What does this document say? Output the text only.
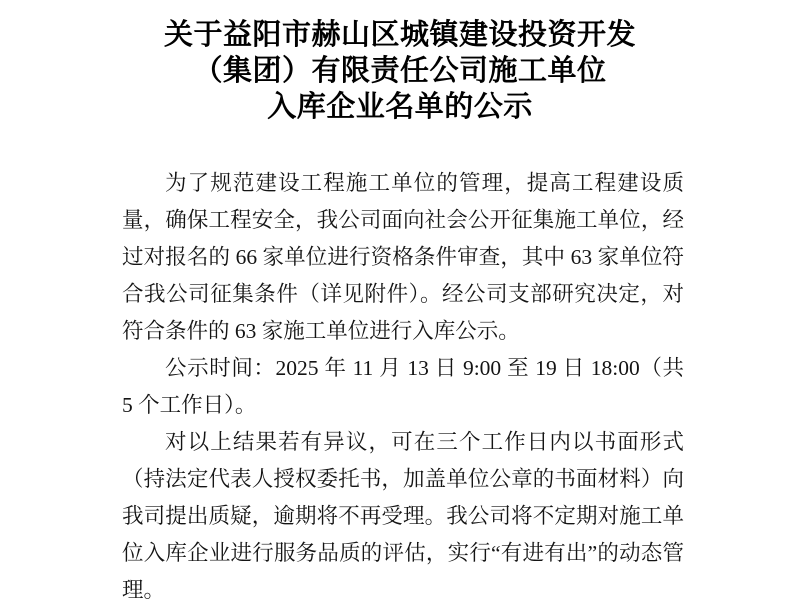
关于益阳市赫山区城镇建设投资开发
（集团）有限责任公司施工单位
入库企业名单的公示

为了规范建设工程施工单位的管理，提高工程建设质量，确保工程安全，我公司面向社会公开征集施工单位，经过对报名的 66 家单位进行资格条件审查，其中 63 家单位符合我公司征集条件（详见附件）。经公司支部研究决定，对符合条件的 63 家施工单位进行入库公示。

公示时间：2025 年 11 月 13 日 9:00 至 19 日 18:00（共 5 个工作日）。

对以上结果若有异议，可在三个工作日内以书面形式（持法定代表人授权委托书，加盖单位公章的书面材料）向我司提出质疑，逾期将不再受理。我公司将不定期对施工单位入库企业进行服务品质的评估，实行“有进有出”的动态管理。
